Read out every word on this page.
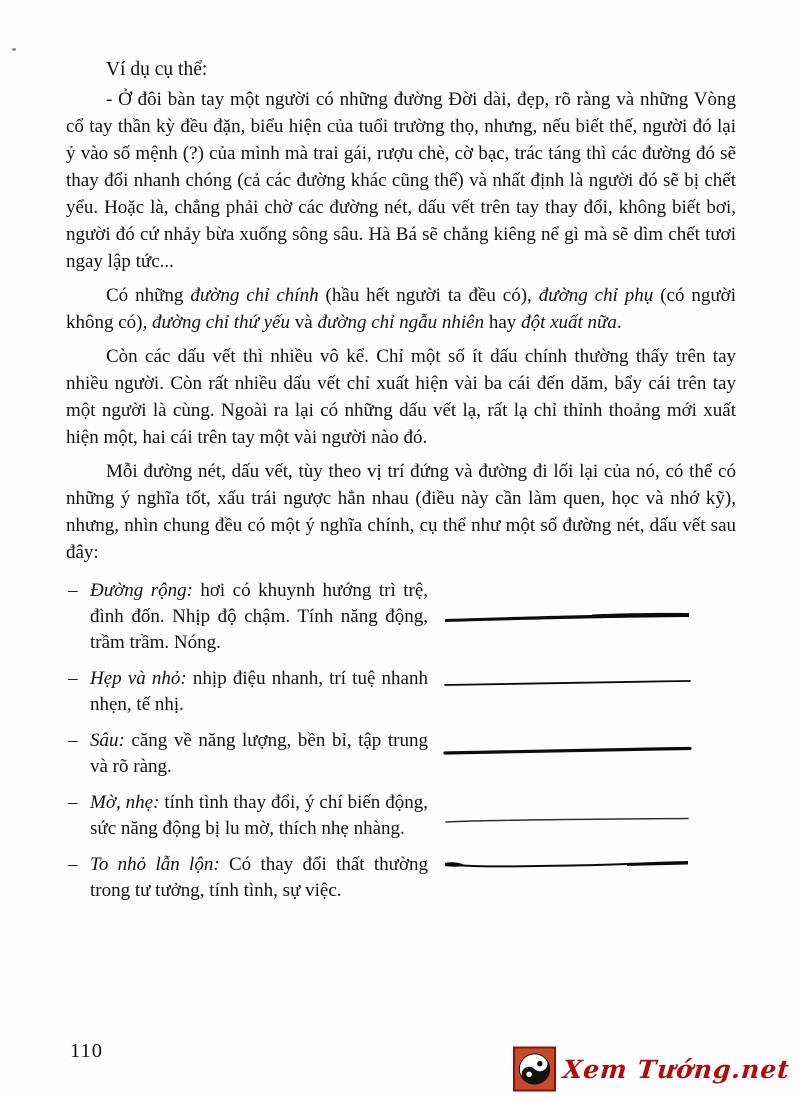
Ví dụ cụ thể:

- Ở đôi bàn tay một người có những đường Đời dài, đẹp, rõ ràng và những Vòng cổ tay thần kỳ đều đặn, biểu hiện của tuổi trường thọ, nhưng, nếu biết thế, người đó lại ỷ vào số mệnh (?) của mình mà trai gái, rượu chè, cờ bạc, trác táng thì các đường đó sẽ thay đổi nhanh chóng (cả các đường khác cũng thế) và nhất định là người đó sẽ bị chết yểu. Hoặc là, chẳng phải chờ các đường nét, dấu vết trên tay thay đổi, không biết bơi, người đó cứ nhảy bừa xuống sông sâu. Hà Bá sẽ chẳng kiêng nể gì mà sẽ dìm chết tươi ngay lập tức...

Có những đường chỉ chính (hầu hết người ta đều có), đường chỉ phụ (có người không có), đường chỉ thứ yếu và đường chỉ ngẫu nhiên hay đột xuất nữa.

Còn các dấu vết thì nhiều vô kể. Chỉ một số ít dấu chính thường thấy trên tay nhiều người. Còn rất nhiều dấu vết chỉ xuất hiện vài ba cái đến dăm, bẩy cái trên tay một người là cùng. Ngoài ra lại có những dấu vết lạ, rất lạ chỉ thỉnh thoảng mới xuất hiện một, hai cái trên tay một vài người nào đó.

Mỗi đường nét, dấu vết, tùy theo vị trí đứng và đường đi lối lại của nó, có thể có những ý nghĩa tốt, xấu trái ngược hẳn nhau (điều này cần làm quen, học và nhớ kỹ), nhưng, nhìn chung đều có một ý nghĩa chính, cụ thể như một số đường nét, dấu vết sau đây:

– Đường rộng: hơi có khuynh hướng trì trệ, đình đốn. Nhịp độ chậm. Tính năng động, trầm trầm. Nóng.
– Hẹp và nhỏ: nhịp điệu nhanh, trí tuệ nhanh nhẹn, tế nhị.
– Sâu: căng về năng lượng, bền bỉ, tập trung và rõ ràng.
– Mờ, nhẹ: tính tình thay đổi, ý chí biến động, sức năng động bị lu mờ, thích nhẹ nhàng.
– To nhỏ lẫn lộn: Có thay đổi thất thường trong tư tưởng, tính tình, sự việc.
110
Xem Tướng.net
